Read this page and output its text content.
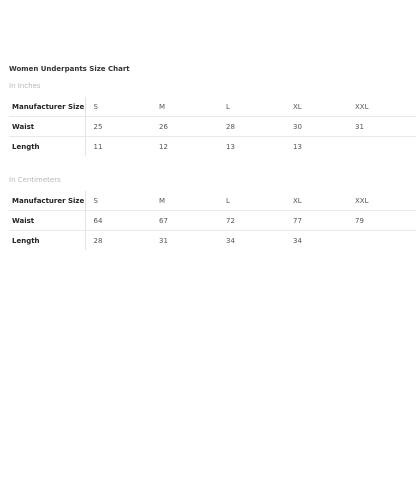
Women Underpants Size Chart
In Inches
Manufacturer Size	S	M	L	XL	XXL
Waist	25	26	28	30	31
Length	11	12	13	13	
In Centimeters
Manufacturer Size	S	M	L	XL	XXL
Waist	64	67	72	77	79
Length	28	31	34	34	
